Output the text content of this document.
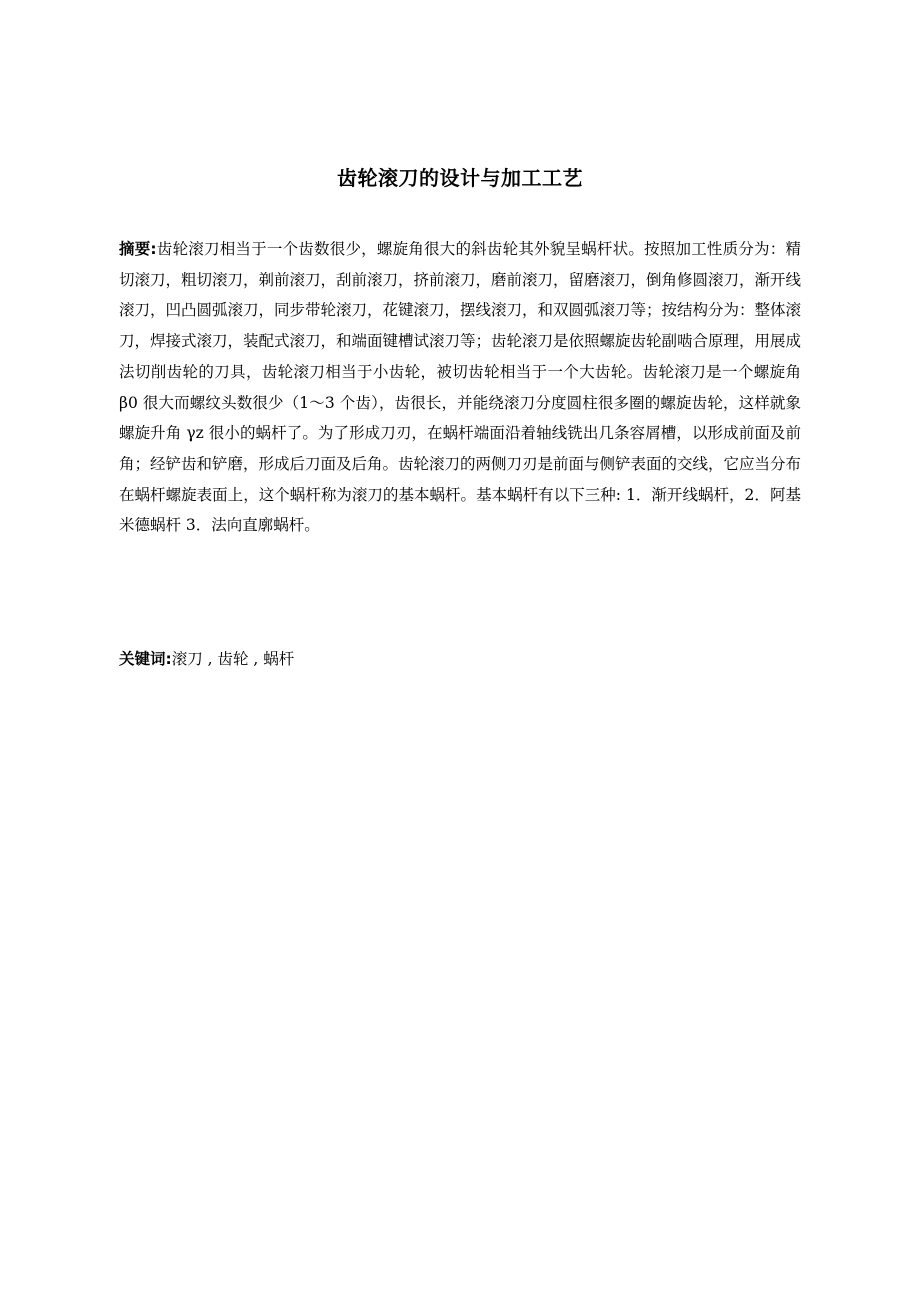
齿轮滚刀的设计与加工工艺

摘要:齿轮滚刀相当于一个齿数很少，螺旋角很大的斜齿轮其外貌呈蜗杆状。按照加工性质分为：精切滚刀，粗切滚刀，剃前滚刀，刮前滚刀，挤前滚刀，磨前滚刀，留磨滚刀，倒角修圆滚刀，渐开线滚刀，凹凸圆弧滚刀，同步带轮滚刀，花键滚刀，摆线滚刀，和双圆弧滚刀等；按结构分为：整体滚刀，焊接式滚刀，装配式滚刀，和端面键槽试滚刀等；齿轮滚刀是依照螺旋齿轮副啮合原理，用展成法切削齿轮的刀具，齿轮滚刀相当于小齿轮，被切齿轮相当于一个大齿轮。齿轮滚刀是一个螺旋角 β0 很大而螺纹头数很少（1～3 个齿），齿很长，并能绕滚刀分度圆柱很多圈的螺旋齿轮，这样就象螺旋升角 γz 很小的蜗杆了。为了形成刀刃，在蜗杆端面沿着轴线铣出几条容屑槽，以形成前面及前角；经铲齿和铲磨，形成后刀面及后角。齿轮滚刀的两侧刀刃是前面与侧铲表面的交线，它应当分布在蜗杆螺旋表面上，这个蜗杆称为滚刀的基本蜗杆。基本蜗杆有以下三种: 1．渐开线蜗杆，2．阿基米德蜗杆 3．法向直廓蜗杆。

关键词:滚刀 , 齿轮 , 蜗杆
